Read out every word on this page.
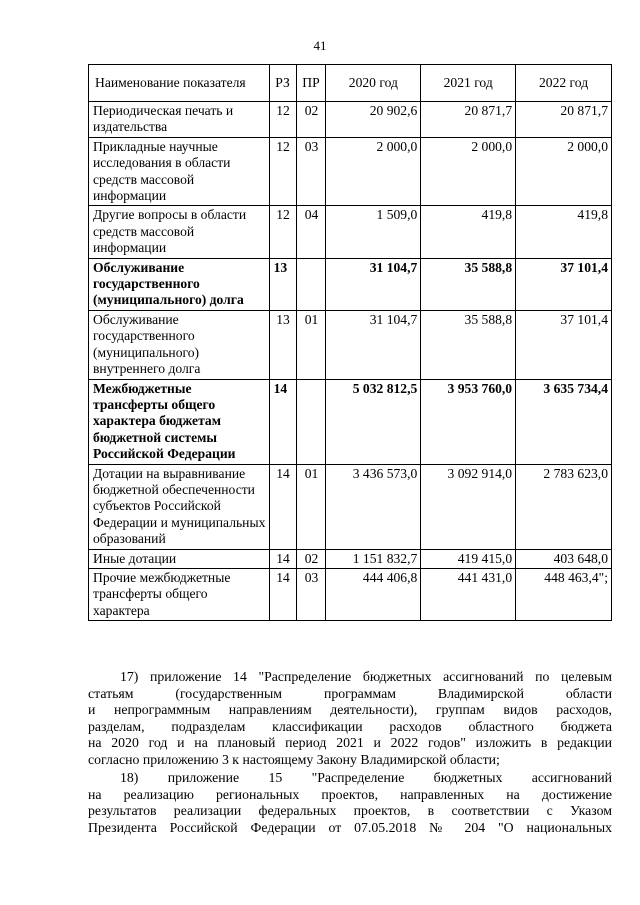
41
Наименование показателя	РЗ	ПР	2020 год	2021 год	2022 год
Периодическая печать и издательства	12	02	20 902,6	20 871,7	20 871,7
Прикладные научные исследования в области средств массовой информации	12	03	2 000,0	2 000,0	2 000,0
Другие вопросы в области средств массовой информации	12	04	1 509,0	419,8	419,8
Обслуживание государственного (муниципального) долга	13		31 104,7	35 588,8	37 101,4
Обслуживание государственного (муниципального) внутреннего долга	13	01	31 104,7	35 588,8	37 101,4
Межбюджетные трансферты общего характера бюджетам бюджетной системы Российской Федерации	14		5 032 812,5	3 953 760,0	3 635 734,4
Дотации на выравнивание бюджетной обеспеченности субъектов Российской Федерации и муниципальных образований	14	01	3 436 573,0	3 092 914,0	2 783 623,0
Иные дотации	14	02	1 151 832,7	419 415,0	403 648,0
Прочие межбюджетные трансферты общего характера	14	03	444 406,8	441 431,0	448 463,4";
17) приложение 14 "Распределение бюджетных ассигнований по целевым
статьям (государственным программам Владимирской области
и непрограммным направлениям деятельности), группам видов расходов,
разделам, подразделам классификации расходов областного бюджета
на 2020 год и на плановый период 2021 и 2022 годов" изложить в редакции
согласно приложению 3 к настоящему Закону Владимирской области;
18) приложение 15 "Распределение бюджетных ассигнований
на реализацию региональных проектов, направленных на достижение
результатов реализации федеральных проектов, в соответствии с Указом
Президента Российской Федерации от 07.05.2018 № 204 "О национальных
